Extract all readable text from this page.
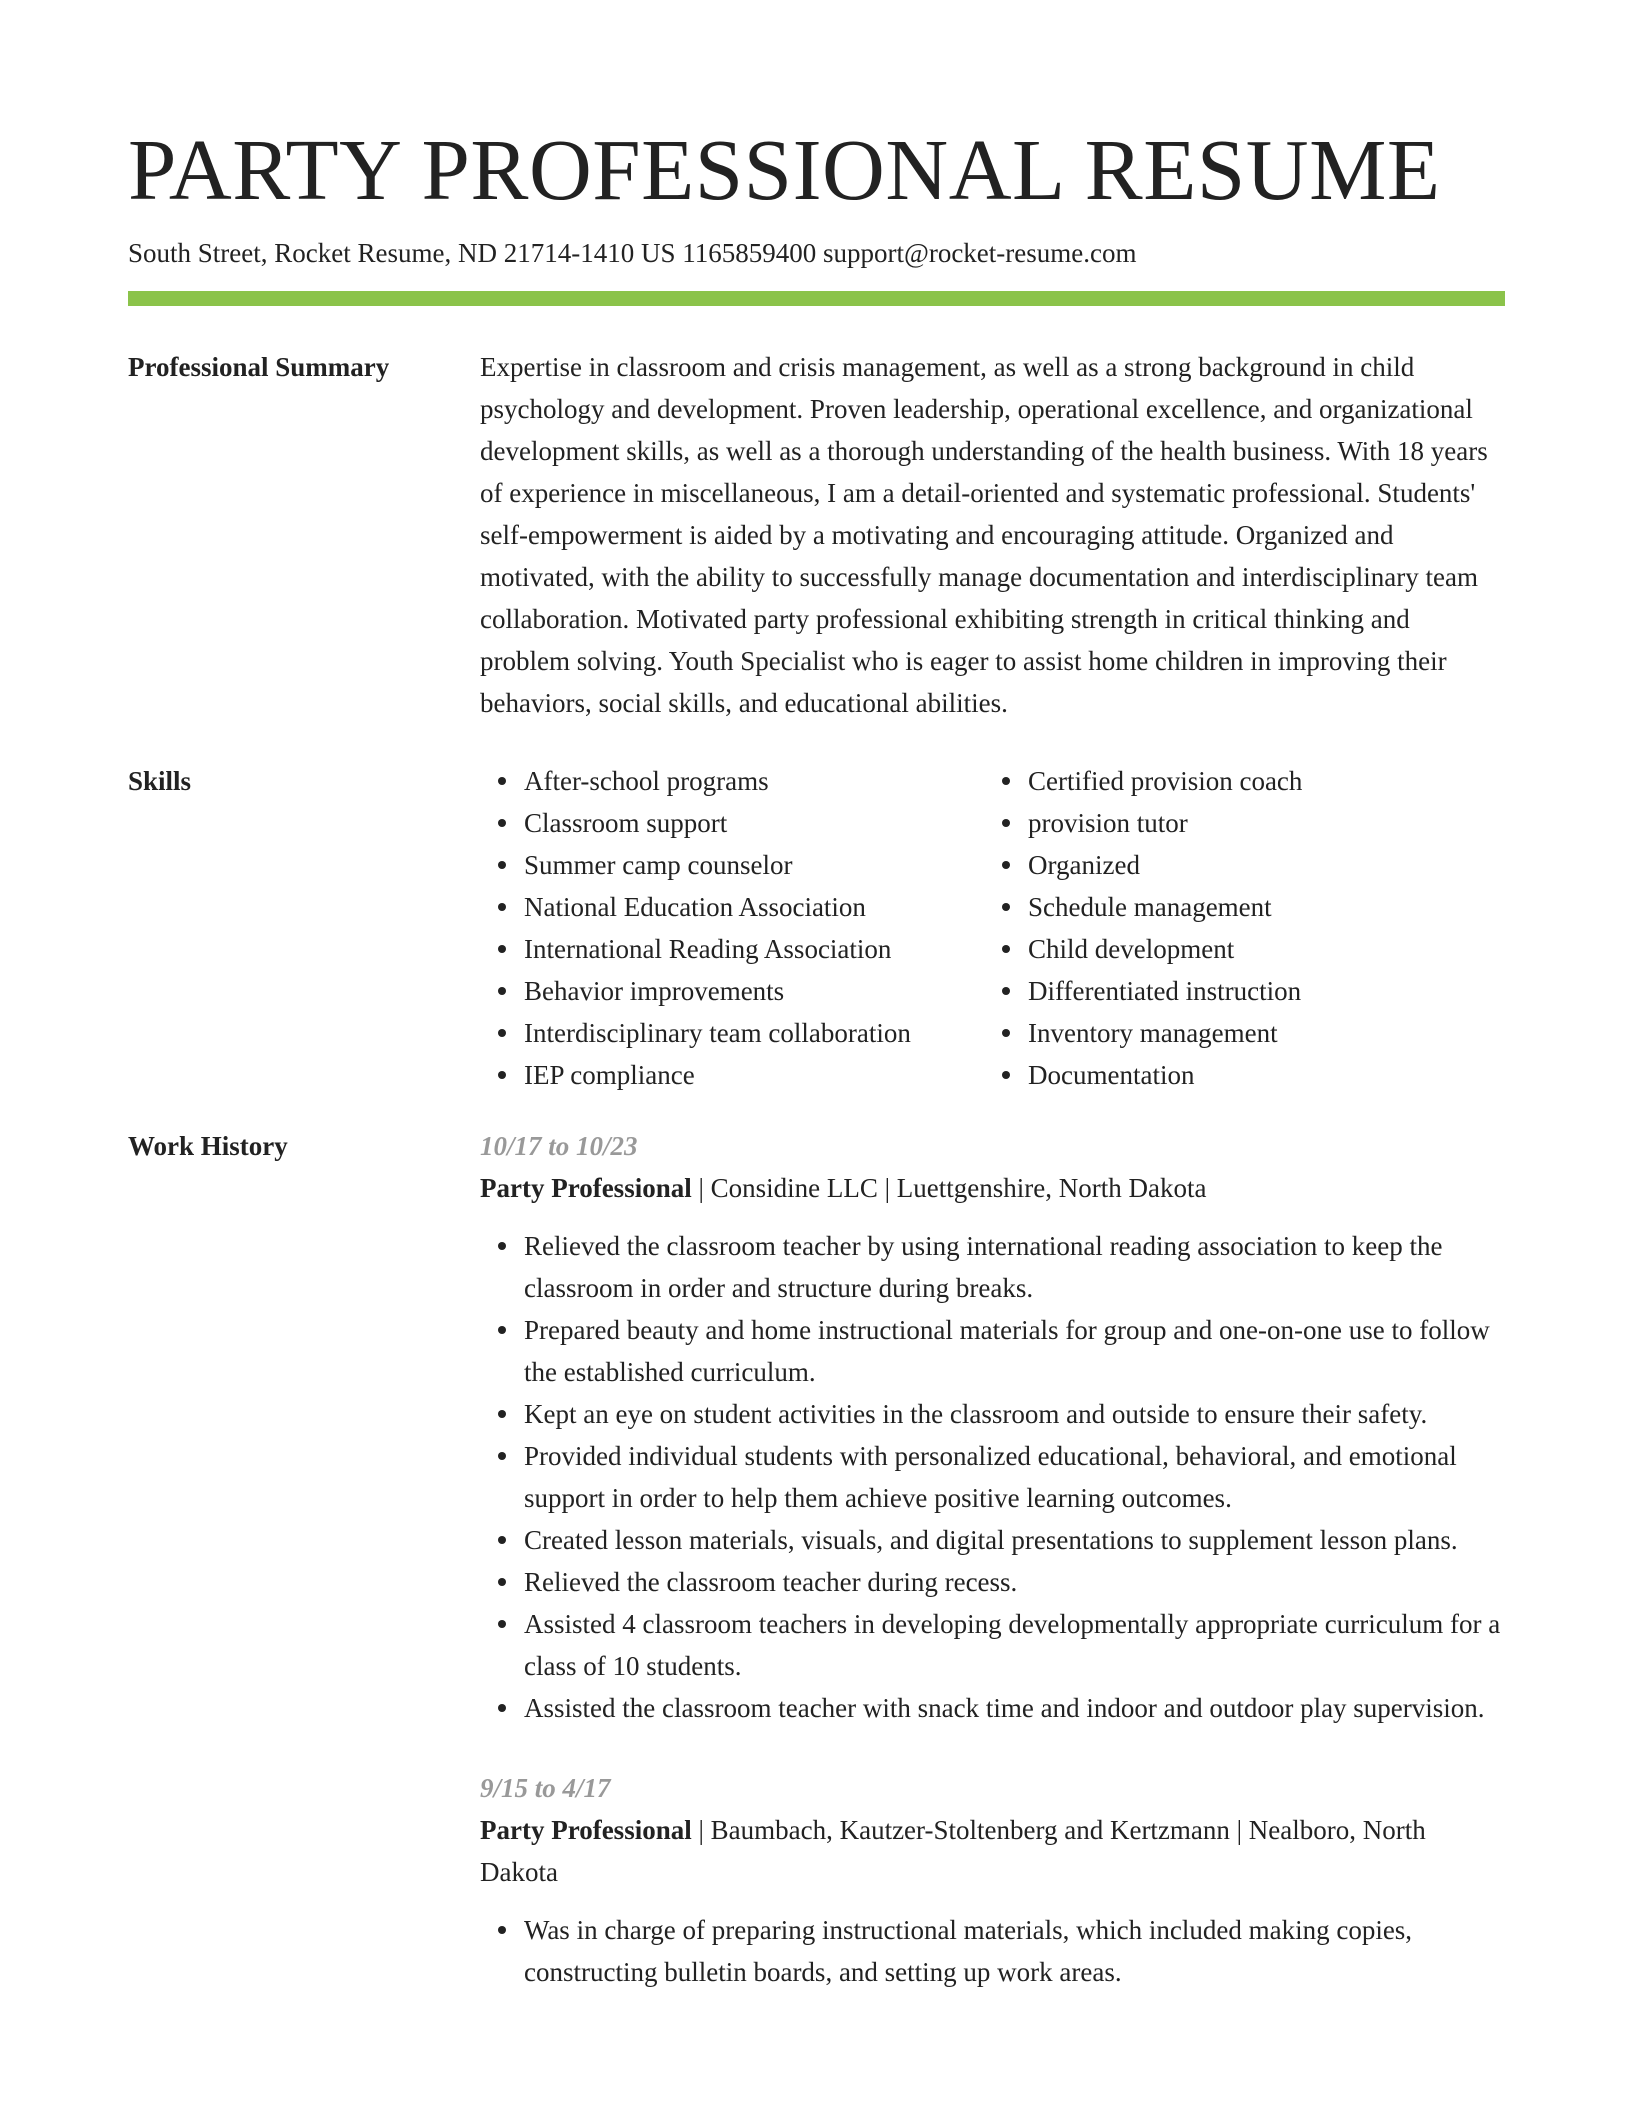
PARTY PROFESSIONAL RESUME
South Street, Rocket Resume, ND 21714-1410 US 1165859400 support@rocket-resume.com
Professional Summary	Expertise in classroom and crisis management, as well as a strong background in child psychology and development. Proven leadership, operational excellence, and organizational development skills, as well as a thorough understanding of the health business. With 18 years of experience in miscellaneous, I am a detail-oriented and systematic professional. Students' self-empowerment is aided by a motivating and encouraging attitude. Organized and motivated, with the ability to successfully manage documentation and interdisciplinary team collaboration. Motivated party professional exhibiting strength in critical thinking and problem solving. Youth Specialist who is eager to assist home children in improving their behaviors, social skills, and educational abilities.

Skills	After-school programs
Classroom support
Summer camp counselor
National Education Association
International Reading Association
Behavior improvements
Interdisciplinary team collaboration
IEP compliance
Certified provision coach
provision tutor
Organized
Schedule management
Child development
Differentiated instruction
Inventory management
Documentation
Work History	10/17 to 10/23
Party Professional | Considine LLC | Luettgenshire, North Dakota
Relieved the classroom teacher by using international reading association to keep the classroom in order and structure during breaks.
Prepared beauty and home instructional materials for group and one-on-one use to follow the established curriculum.
Kept an eye on student activities in the classroom and outside to ensure their safety.
Provided individual students with personalized educational, behavioral, and emotional support in order to help them achieve positive learning outcomes.
Created lesson materials, visuals, and digital presentations to supplement lesson plans.
Relieved the classroom teacher during recess.
Assisted 4 classroom teachers in developing developmentally appropriate curriculum for a class of 10 students.
Assisted the classroom teacher with snack time and indoor and outdoor play supervision.
9/15 to 4/17
Party Professional | Baumbach, Kautzer-Stoltenberg and Kertzmann | Nealboro, North Dakota
Was in charge of preparing instructional materials, which included making copies, constructing bulletin boards, and setting up work areas.
